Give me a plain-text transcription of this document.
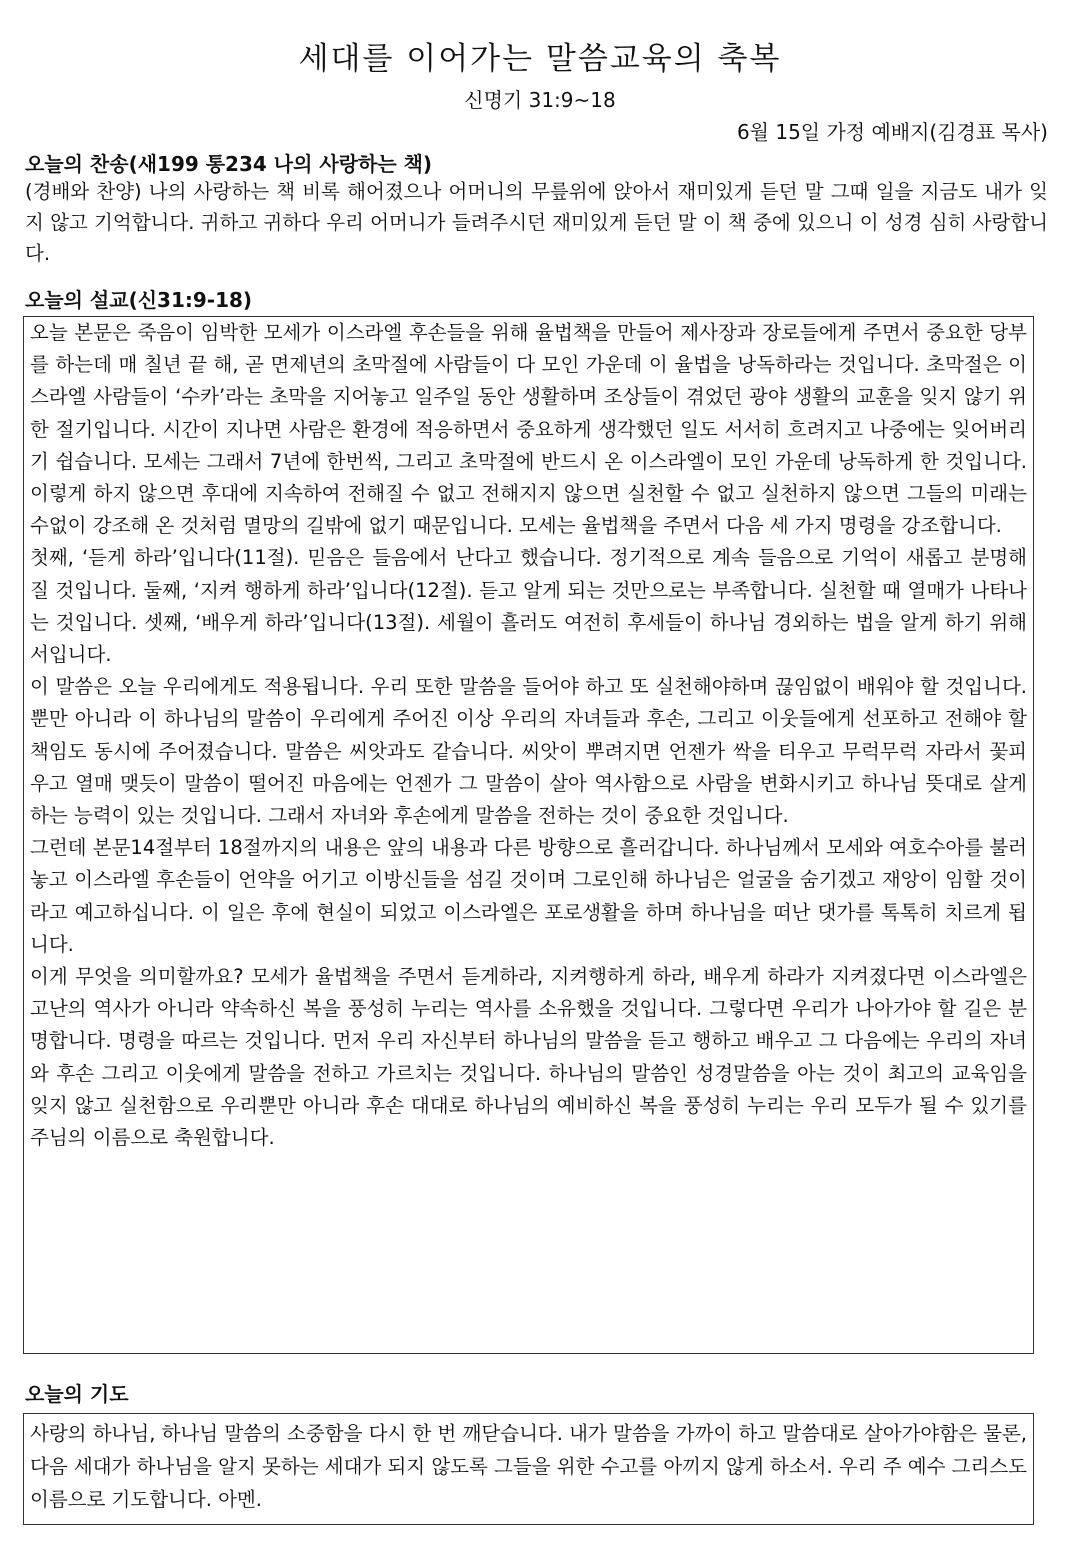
세대를 이어가는 말씀교육의 축복
신명기 31:9~18
6월 15일 가정 예배지(김경표 목사)
오늘의 찬송(새199 통234 나의 사랑하는 책)
(경배와 찬양) 나의 사랑하는 책 비록 해어졌으나 어머니의 무릎위에 앉아서 재미있게 듣던 말 그때 일을 지금도 내가 잊지 않고 기억합니다. 귀하고 귀하다 우리 어머니가 들려주시던 재미있게 듣던 말 이 책 중에 있으니 이 성경 심히 사랑합니다.
오늘의 설교(신31:9-18)

오늘 본문은 죽음이 임박한 모세가 이스라엘 후손들을 위해 율법책을 만들어 제사장과 장로들에게 주면서 중요한 당부를 하는데 매 칠년 끝 해, 곧 면제년의 초막절에 사람들이 다 모인 가운데 이 율법을 낭독하라는 것입니다. 초막절은 이스라엘 사람들이 ‘수카’라는 초막을 지어놓고 일주일 동안 생활하며 조상들이 겪었던 광야 생활의 교훈을 잊지 않기 위한 절기입니다. 시간이 지나면 사람은 환경에 적응하면서 중요하게 생각했던 일도 서서히 흐려지고 나중에는 잊어버리기 쉽습니다. 모세는 그래서 7년에 한번씩, 그리고 초막절에 반드시 온 이스라엘이 모인 가운데 낭독하게 한 것입니다. 이렇게 하지 않으면 후대에 지속하여 전해질 수 없고 전해지지 않으면 실천할 수 없고 실천하지 않으면 그들의 미래는 수없이 강조해 온 것처럼 멸망의 길밖에 없기 때문입니다. 모세는 율법책을 주면서 다음 세 가지 명령을 강조합니다.

첫째, ‘듣게 하라’입니다(11절). 믿음은 들음에서 난다고 했습니다. 정기적으로 계속 들음으로 기억이 새롭고 분명해 질 것입니다. 둘째, ‘지켜 행하게 하라’입니다(12절). 듣고 알게 되는 것만으로는 부족합니다. 실천할 때 열매가 나타나는 것입니다. 셋째, ‘배우게 하라’입니다(13절). 세월이 흘러도 여전히 후세들이 하나님 경외하는 법을 알게 하기 위해서입니다.

이 말씀은 오늘 우리에게도 적용됩니다. 우리 또한 말씀을 들어야 하고 또 실천해야하며 끊임없이 배워야 할 것입니다. 뿐만 아니라 이 하나님의 말씀이 우리에게 주어진 이상 우리의 자녀들과 후손, 그리고 이웃들에게 선포하고 전해야 할 책임도 동시에 주어졌습니다. 말씀은 씨앗과도 같습니다. 씨앗이 뿌려지면 언젠가 싹을 티우고 무럭무럭 자라서 꽃피우고 열매 맺듯이 말씀이 떨어진 마음에는 언젠가 그 말씀이 살아 역사함으로 사람을 변화시키고 하나님 뜻대로 살게 하는 능력이 있는 것입니다. 그래서 자녀와 후손에게 말씀을 전하는 것이 중요한 것입니다.

그런데 본문14절부터 18절까지의 내용은 앞의 내용과 다른 방향으로 흘러갑니다. 하나님께서 모세와 여호수아를 불러놓고 이스라엘 후손들이 언약을 어기고 이방신들을 섬길 것이며 그로인해 하나님은 얼굴을 숨기겠고 재앙이 임할 것이라고 예고하십니다. 이 일은 후에 현실이 되었고 이스라엘은 포로생활을 하며 하나님을 떠난 댓가를 톡톡히 치르게 됩니다.

이게 무엇을 의미할까요? 모세가 율법책을 주면서 듣게하라, 지켜행하게 하라, 배우게 하라가 지켜졌다면 이스라엘은 고난의 역사가 아니라 약속하신 복을 풍성히 누리는 역사를 소유했을 것입니다. 그렇다면 우리가 나아가야 할 길은 분명합니다. 명령을 따르는 것입니다. 먼저 우리 자신부터 하나님의 말씀을 듣고 행하고 배우고 그 다음에는 우리의 자녀와 후손 그리고 이웃에게 말씀을 전하고 가르치는 것입니다. 하나님의 말씀인 성경말씀을 아는 것이 최고의 교육임을 잊지 않고 실천함으로 우리뿐만 아니라 후손 대대로 하나님의 예비하신 복을 풍성히 누리는 우리 모두가 될 수 있기를 주님의 이름으로 축원합니다.

오늘의 기도

사랑의 하나님, 하나님 말씀의 소중함을 다시 한 번 깨닫습니다. 내가 말씀을 가까이 하고 말씀대로 살아가야함은 물론, 다음 세대가 하나님을 알지 못하는 세대가 되지 않도록 그들을 위한 수고를 아끼지 않게 하소서. 우리 주 예수 그리스도 이름으로 기도합니다. 아멘.
